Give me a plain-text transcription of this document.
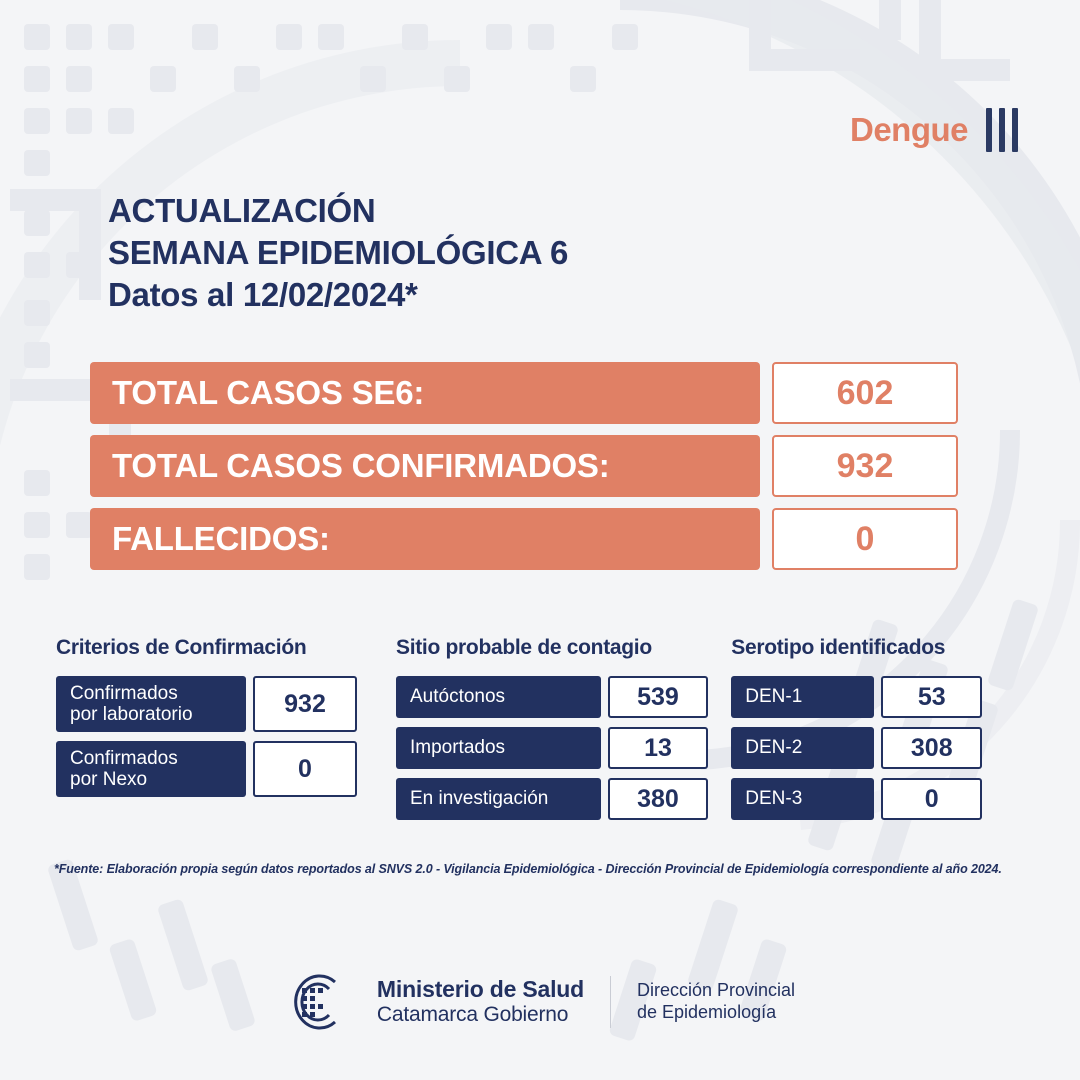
Dengue
ACTUALIZACIÓN
SEMANA EPIDEMIOLÓGICA 6
Datos al 12/02/2024*
TOTAL CASOS SE6:	602
TOTAL CASOS CONFIRMADOS:	932
FALLECIDOS:	0
Criterios de Confirmación
Confirmados
por laboratorio	932
Confirmados
por Nexo	0
Sitio probable de contagio
Autóctonos	539
Importados	13
En investigación	380
Serotipo identificados
DEN-1	53
DEN-2	308
DEN-3	0
*Fuente: Elaboración propia según datos reportados al SNVS 2.0 - Vigilancia Epidemiológica - Dirección Provincial de Epidemiología correspondiente al año 2024.
Ministerio de Salud
Catamarca Gobierno
Dirección Provincial
de Epidemiología
